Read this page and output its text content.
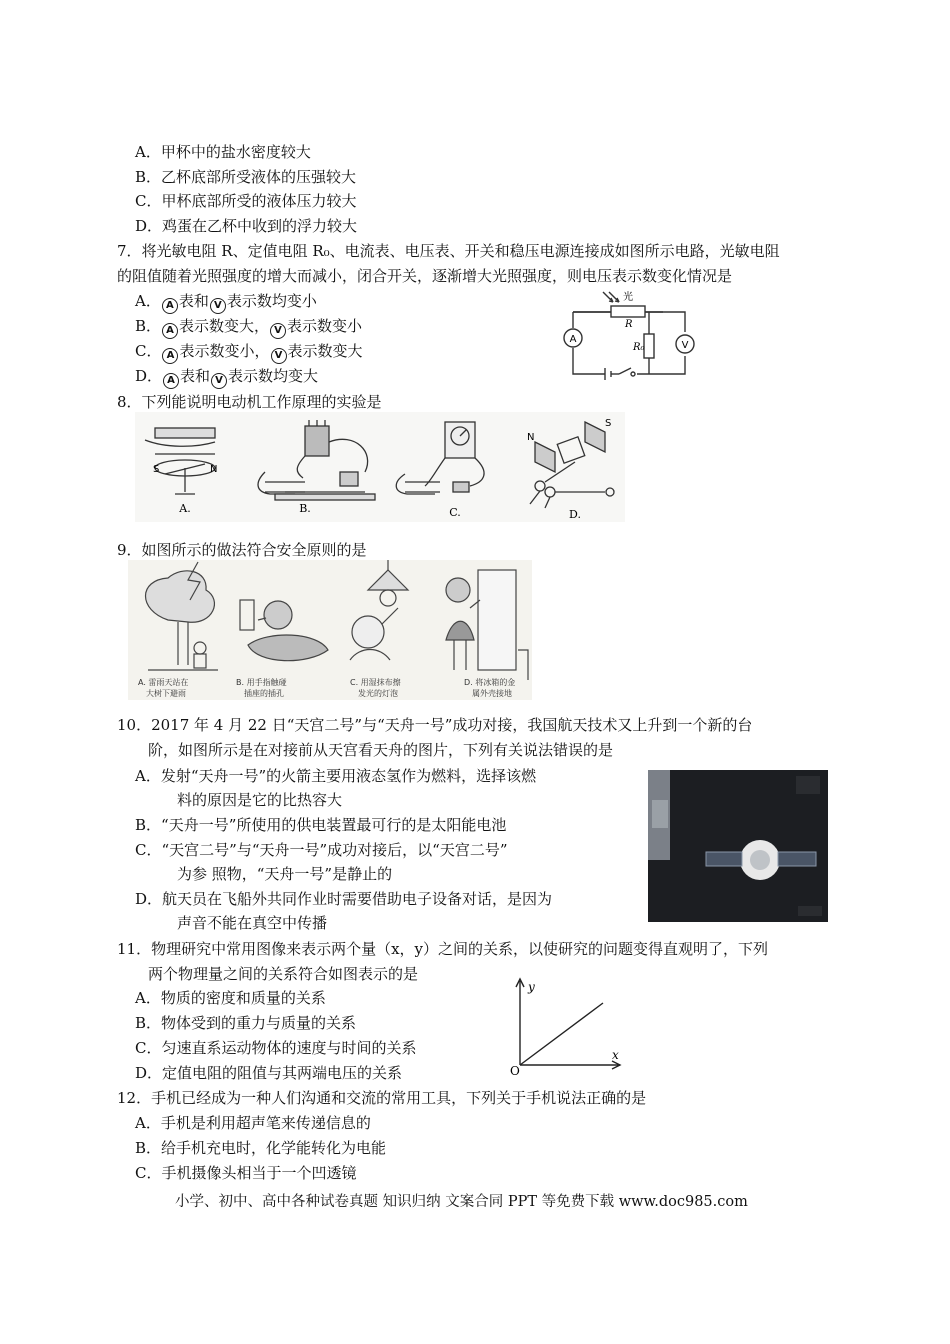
A．甲杯中的盐水密度较大
B．乙杯底部所受液体的压强较大
C．甲杯底部所受的液体压力较大
D．鸡蛋在乙杯中收到的浮力较大
7．将光敏电阻 R、定值电阻 R₀、电流表、电压表、开关和稳压电源连接成如图所示电路，光敏电阻
的阻值随着光照强度的增大而减小，闭合开关，逐渐增大光照强度，则电压表示数变化情况是
A． A 表和 V 表示数均变小
B． A 表示数变大， V 表示数变小
C． A 表示数变小， V 表示数变大
D． A 表和 V 表示数均变大
A
V
光
R
R₀
8．下列能说明电动机工作原理的实验是
S	N
N
S
A.	B.	C.	D.
9．如图所示的做法符合安全原则的是
A. 雷雨天站在
大树下避雨
B. 用手指触碰
插座的插孔
C. 用湿抹布擦
发光的灯泡
D. 将冰箱的金
属外壳接地
10．2017 年 4 月 22 日“天宫二号”与“天舟一号”成功对接，我国航天技术又上升到一个新的台
阶，如图所示是在对接前从天宫看天舟的图片，下列有关说法错误的是
A．发射“天舟一号”的火箭主要用液态氢作为燃料，选择该燃
料的原因是它的比热容大
B．“天舟一号”所使用的供电装置最可行的是太阳能电池
C．“天宫二号”与“天舟一号”成功对接后，以“天宫二号”
为参 照物，“天舟一号”是静止的
D．航天员在飞船外共同作业时需要借助电子设备对话，是因为
声音不能在真空中传播
11．物理研究中常用图像来表示两个量（x，y）之间的关系，以使研究的问题变得直观明了，下列
两个物理量之间的关系符合如图表示的是
A．物质的密度和质量的关系
B．物体受到的重力与质量的关系
C．匀速直系运动物体的速度与时间的关系
D．定值电阻的阻值与其两端电压的关系
y
x
O
12．手机已经成为一种人们沟通和交流的常用工具，下列关于手机说法正确的是
A．手机是利用超声笔来传递信息的
B．给手机充电时，化学能转化为电能
C．手机摄像头相当于一个凹透镜
小学、初中、高中各种试卷真题 知识归纳 文案合同 PPT 等免费下载 www.doc985.com
